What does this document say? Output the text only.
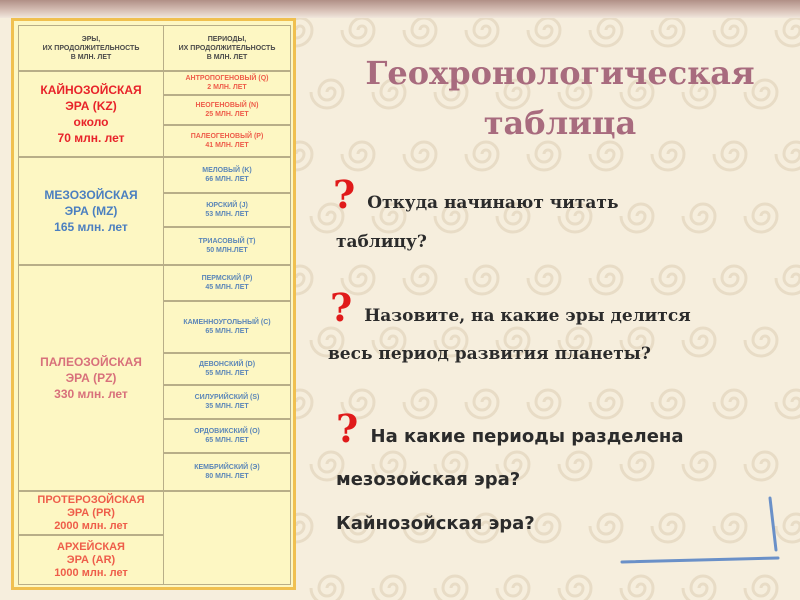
ЭРЫ,
ИХ ПРОДОЛЖИТЕЛЬНОСТЬ
В МЛН. ЛЕТ
ПЕРИОДЫ,
ИХ ПРОДОЛЖИТЕЛЬНОСТЬ
В МЛН. ЛЕТ
КАЙНОЗОЙСКАЯ
ЭРА (KZ)
около
70 млн. лет
МЕЗОЗОЙСКАЯ
ЭРА (MZ)
165 млн. лет
ПАЛЕОЗОЙСКАЯ
ЭРА (PZ)
330 млн. лет
ПРОТЕРОЗОЙСКАЯ
ЭРА (PR)
2000 млн. лет
АРХЕЙСКАЯ
ЭРА (AR)
1000 млн. лет
АНТРОПОГЕНОВЫЙ (Q)
2 МЛН. ЛЕТ
НЕОГЕНОВЫЙ (N)
25 МЛН. ЛЕТ
ПАЛЕОГЕНОВЫЙ (P)
41 МЛН. ЛЕТ
МЕЛОВЫЙ (K)
66 МЛН. ЛЕТ
ЮРСКИЙ (J)
53 МЛН. ЛЕТ
ТРИАСОВЫЙ (T)
50 МЛН.ЛЕТ
ПЕРМСКИЙ (P)
45 МЛН. ЛЕТ
КАМЕННОУГОЛЬНЫЙ (C)
65 МЛН. ЛЕТ
ДЕВОНСКИЙ (D)
55 МЛН. ЛЕТ
СИЛУРИЙСКИЙ (S)
35 МЛН. ЛЕТ
ОРДОВИКСКИЙ (O)
65 МЛН. ЛЕТ
КЕМБРИЙСКИЙ (Э)
80 МЛН. ЛЕТ
Геохронологическая
таблица
? Откуда начинают читать
таблицу?
? Назовите, на какие эры делится
весь период развития планеты?
? На какие периоды разделена
мезозойская эра?
Кайнозойская эра?
